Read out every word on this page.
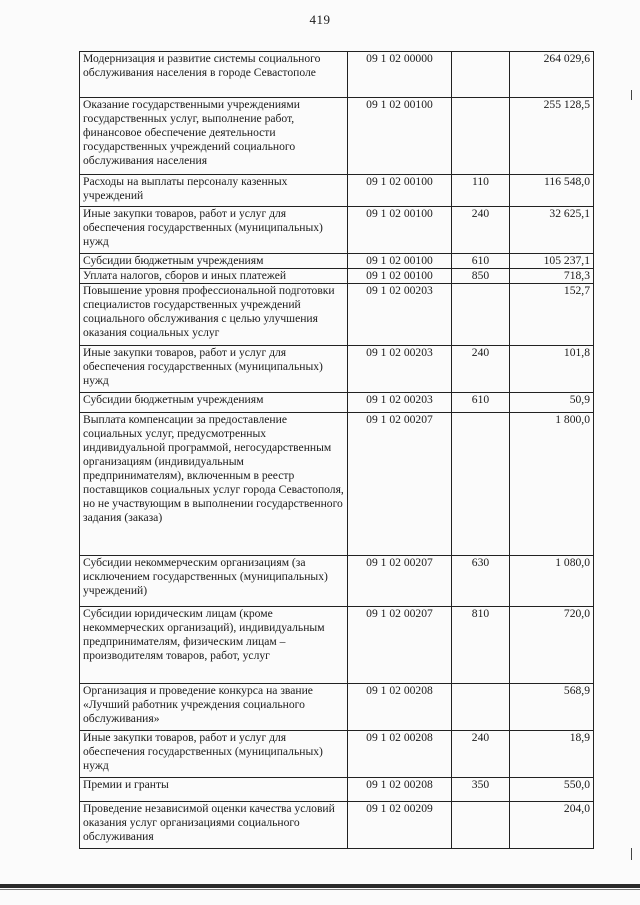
419
Модернизация и развитие системы социального обслуживания населения в городе Севастополе	09 1 02 00000		264 029,6
Оказание государственными учреждениями государственных услуг, выполнение работ, финансовое обеспечение деятельности государственных учреждений социального обслуживания населения	09 1 02 00100		255 128,5
Расходы на выплаты персоналу казенных учреждений	09 1 02 00100	110	116 548,0
Иные закупки товаров, работ и услуг для обеспечения государственных (муниципальных) нужд	09 1 02 00100	240	32 625,1
Субсидии бюджетным учреждениям	09 1 02 00100	610	105 237,1
Уплата налогов, сборов и иных платежей	09 1 02 00100	850	718,3
Повышение уровня профессиональной подготовки специалистов государственных учреждений социального обслуживания с целью улучшения оказания социальных услуг	09 1 02 00203		152,7
Иные закупки товаров, работ и услуг для обеспечения государственных (муниципальных) нужд	09 1 02 00203	240	101,8
Субсидии бюджетным учреждениям	09 1 02 00203	610	50,9
Выплата компенсации за предоставление социальных услуг, предусмотренных индивидуальной программой, негосударственным организациям (индивидуальным предпринимателям), включенным в реестр поставщиков социальных услуг города Севастополя, но не участвующим в выполнении государственного задания (заказа)	09 1 02 00207		1 800,0
Субсидии некоммерческим организациям (за исключением государственных (муниципальных) учреждений)	09 1 02 00207	630	1 080,0
Субсидии юридическим лицам (кроме некоммерческих организаций), индивидуальным предпринимателям, физическим лицам – производителям товаров, работ, услуг	09 1 02 00207	810	720,0
Организация и проведение конкурса на звание «Лучший работник учреждения социального обслуживания»	09 1 02 00208		568,9
Иные закупки товаров, работ и услуг для обеспечения государственных (муниципальных) нужд	09 1 02 00208	240	18,9
Премии и гранты	09 1 02 00208	350	550,0
Проведение независимой оценки качества условий оказания услуг организациями социального обслуживания	09 1 02 00209		204,0
